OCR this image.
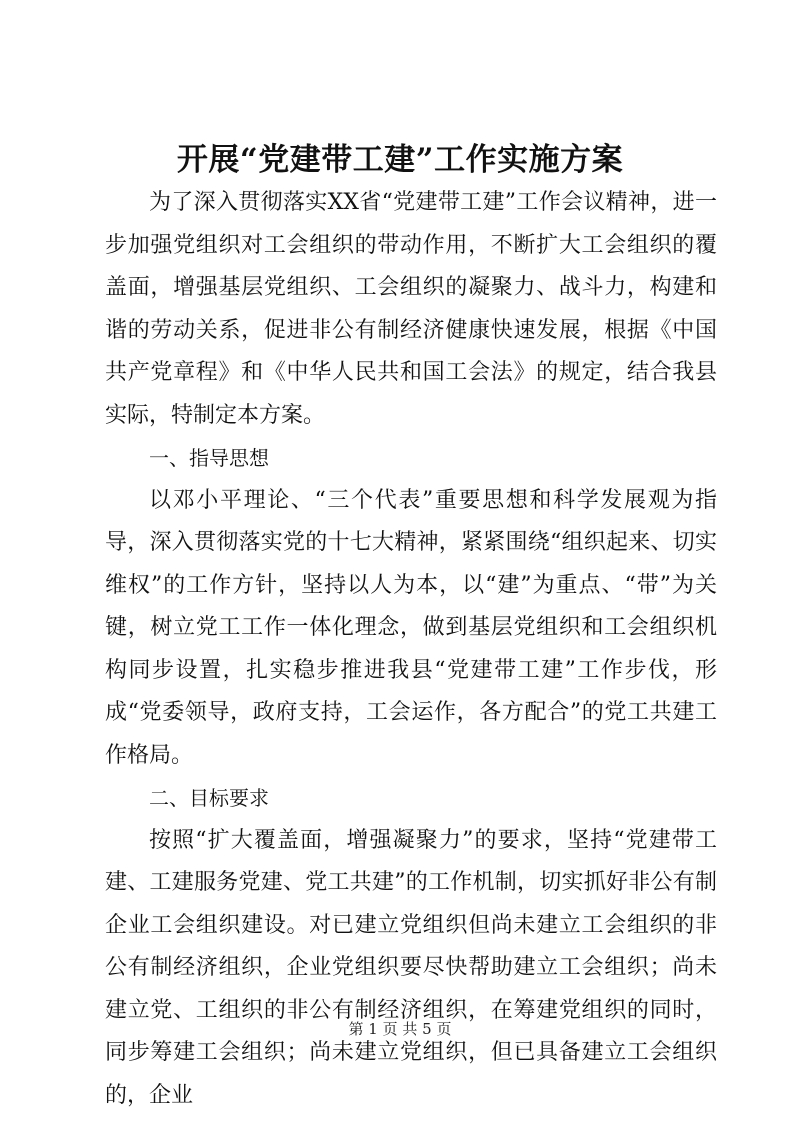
开展“党建带工建”工作实施方案

为了深入贯彻落实XX省“党建带工建”工作会议精神，进一步加强党组织对工会组织的带动作用，不断扩大工会组织的覆盖面，增强基层党组织、工会组织的凝聚力、战斗力，构建和谐的劳动关系，促进非公有制经济健康快速发展，根据《中国共产党章程》和《中华人民共和国工会法》的规定，结合我县实际，特制定本方案。

一、指导思想

以邓小平理论、“三个代表”重要思想和科学发展观为指导，深入贯彻落实党的十七大精神，紧紧围绕“组织起来、切实维权”的工作方针，坚持以人为本，以“建”为重点、“带”为关键，树立党工工作一体化理念，做到基层党组织和工会组织机构同步设置，扎实稳步推进我县“党建带工建”工作步伐，形成“党委领导，政府支持，工会运作，各方配合”的党工共建工作格局。

二、目标要求

按照“扩大覆盖面，增强凝聚力”的要求，坚持“党建带工建、工建服务党建、党工共建”的工作机制，切实抓好非公有制企业工会组织建设。对已建立党组织但尚未建立工会组织的非公有制经济组织，企业党组织要尽快帮助建立工会组织；尚未建立党、工组织的非公有制经济组织，在筹建党组织的同时，同步筹建工会组织；尚未建立党组织，但已具备建立工会组织的，企业

第 1 页 共 5 页
